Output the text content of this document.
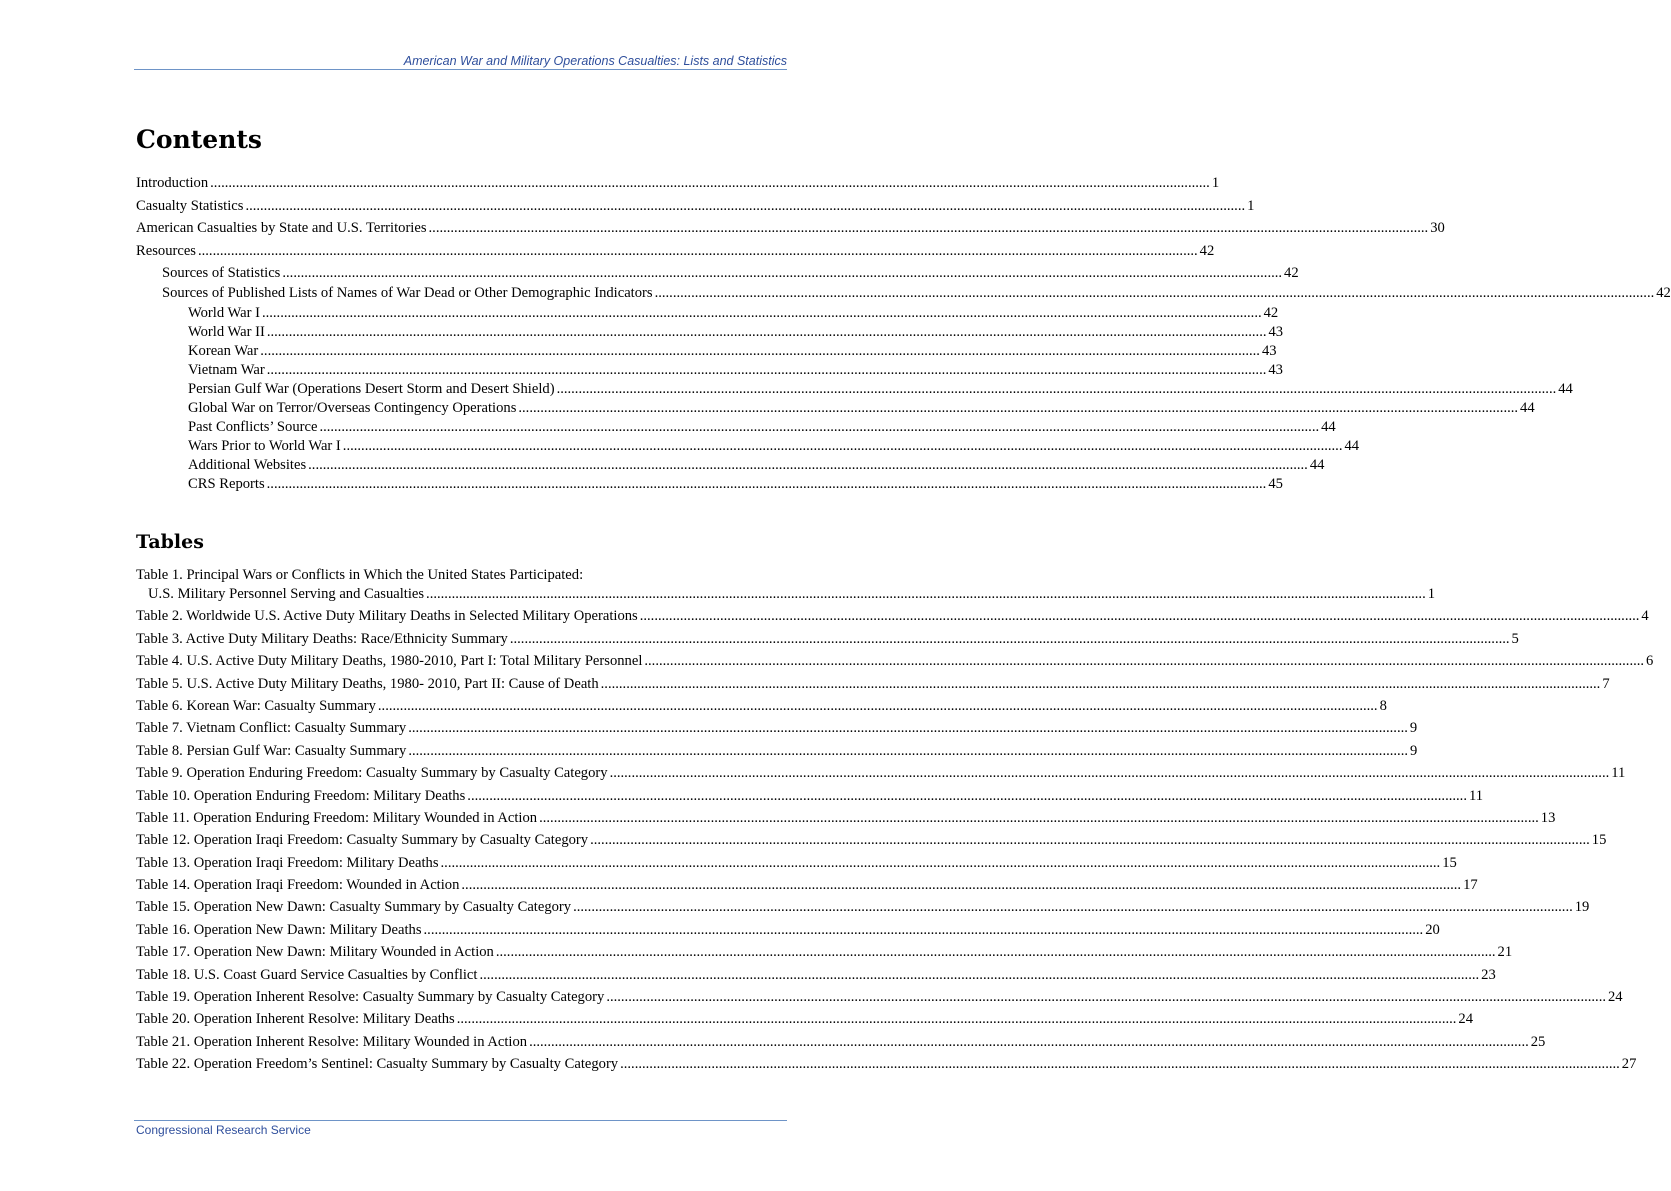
American War and Military Operations Casualties: Lists and Statistics
Contents
Introduction .....	1
Casualty Statistics .....	1
American Casualties by State and U.S. Territories .....	30
Resources .....	42
Sources of Statistics .....	42
Sources of Published Lists of Names of War Dead or Other Demographic Indicators .....	42
World War I .....	42
World War II .....	43
Korean War .....	43
Vietnam War .....	43
Persian Gulf War (Operations Desert Storm and Desert Shield) .....	44
Global War on Terror/Overseas Contingency Operations .....	44
Past Conflicts’ Source .....	44
Wars Prior to World War I .....	44
Additional Websites .....	44
CRS Reports .....	45
Tables
Table 1. Principal Wars or Conflicts in Which the United States Participated:
U.S. Military Personnel Serving and Casualties .....	1
Table 2. Worldwide U.S. Active Duty Military Deaths in Selected Military Operations .....	4
Table 3. Active Duty Military Deaths: Race/Ethnicity Summary .....	5
Table 4. U.S. Active Duty Military Deaths, 1980-2010, Part I: Total Military Personnel .....	6
Table 5. U.S. Active Duty Military Deaths, 1980- 2010, Part II: Cause of Death .....	7
Table 6. Korean War: Casualty Summary .....	8
Table 7. Vietnam Conflict: Casualty Summary .....	9
Table 8. Persian Gulf War: Casualty Summary .....	9
Table 9. Operation Enduring Freedom: Casualty Summary by Casualty Category .....	11
Table 10. Operation Enduring Freedom: Military Deaths .....	11
Table 11. Operation Enduring Freedom: Military Wounded in Action .....	13
Table 12. Operation Iraqi Freedom: Casualty Summary by Casualty Category .....	15
Table 13. Operation Iraqi Freedom: Military Deaths .....	15
Table 14. Operation Iraqi Freedom: Wounded in Action .....	17
Table 15. Operation New Dawn: Casualty Summary by Casualty Category .....	19
Table 16. Operation New Dawn: Military Deaths .....	20
Table 17. Operation New Dawn: Military Wounded in Action .....	21
Table 18. U.S. Coast Guard Service Casualties by Conflict .....	23
Table 19. Operation Inherent Resolve: Casualty Summary by Casualty Category .....	24
Table 20. Operation Inherent Resolve: Military Deaths .....	24
Table 21. Operation Inherent Resolve: Military Wounded in Action .....	25
Table 22. Operation Freedom’s Sentinel: Casualty Summary by Casualty Category .....	27
Congressional Research Service
